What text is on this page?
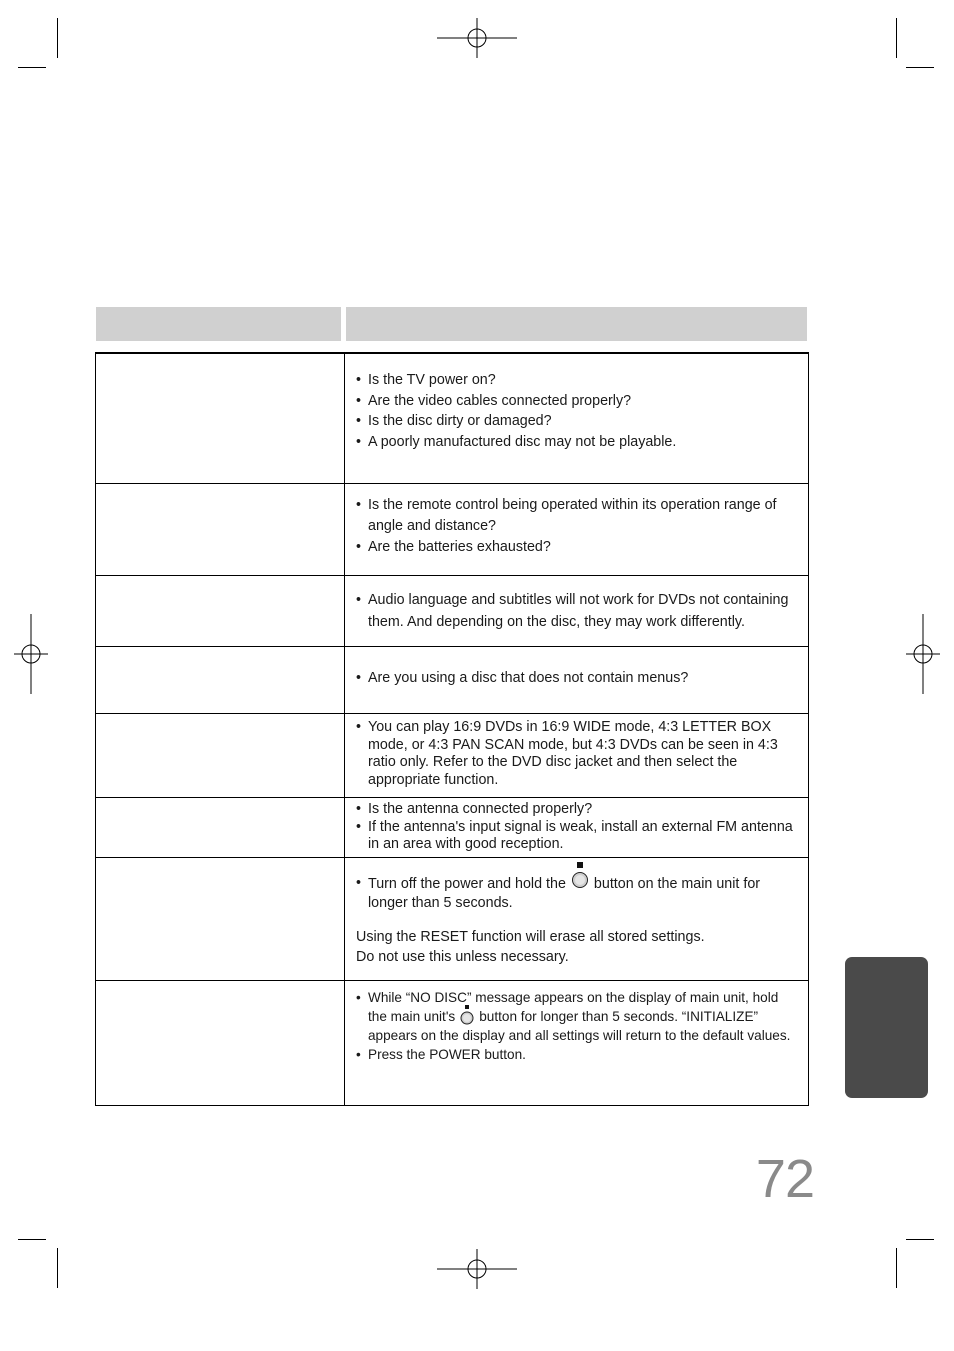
• Is the TV power on?

• Are the video cables connected properly?

• Is the disc dirty or damaged?

• A poorly manufactured disc may not be playable.

• Is the remote control being operated within its operation range of angle and distance?

• Are the batteries exhausted?

• Audio language and subtitles will not work for DVDs not containing them. And depending on the disc, they may work differently.

• Are you using a disc that does not contain menus?

• You can play 16:9 DVDs in 16:9 WIDE mode, 4:3 LETTER BOX mode, or 4:3 PAN SCAN mode, but 4:3 DVDs can be seen in 4:3 ratio only. Refer to the DVD disc jacket and then select the appropriate function.

• Is the antenna connected properly?

• If the antenna's input signal is weak, install an external FM antenna in an area with good reception.

• Turn off the power and hold the button on the main unit for longer than 5 seconds.

Using the RESET function will erase all stored settings.

Do not use this unless necessary.

• While “NO DISC” message appears on the display of main unit, hold the main unit's button for longer than 5 seconds. “INITIALIZE” appears on the display and all settings will return to the default values.

• Press the POWER button.

72
